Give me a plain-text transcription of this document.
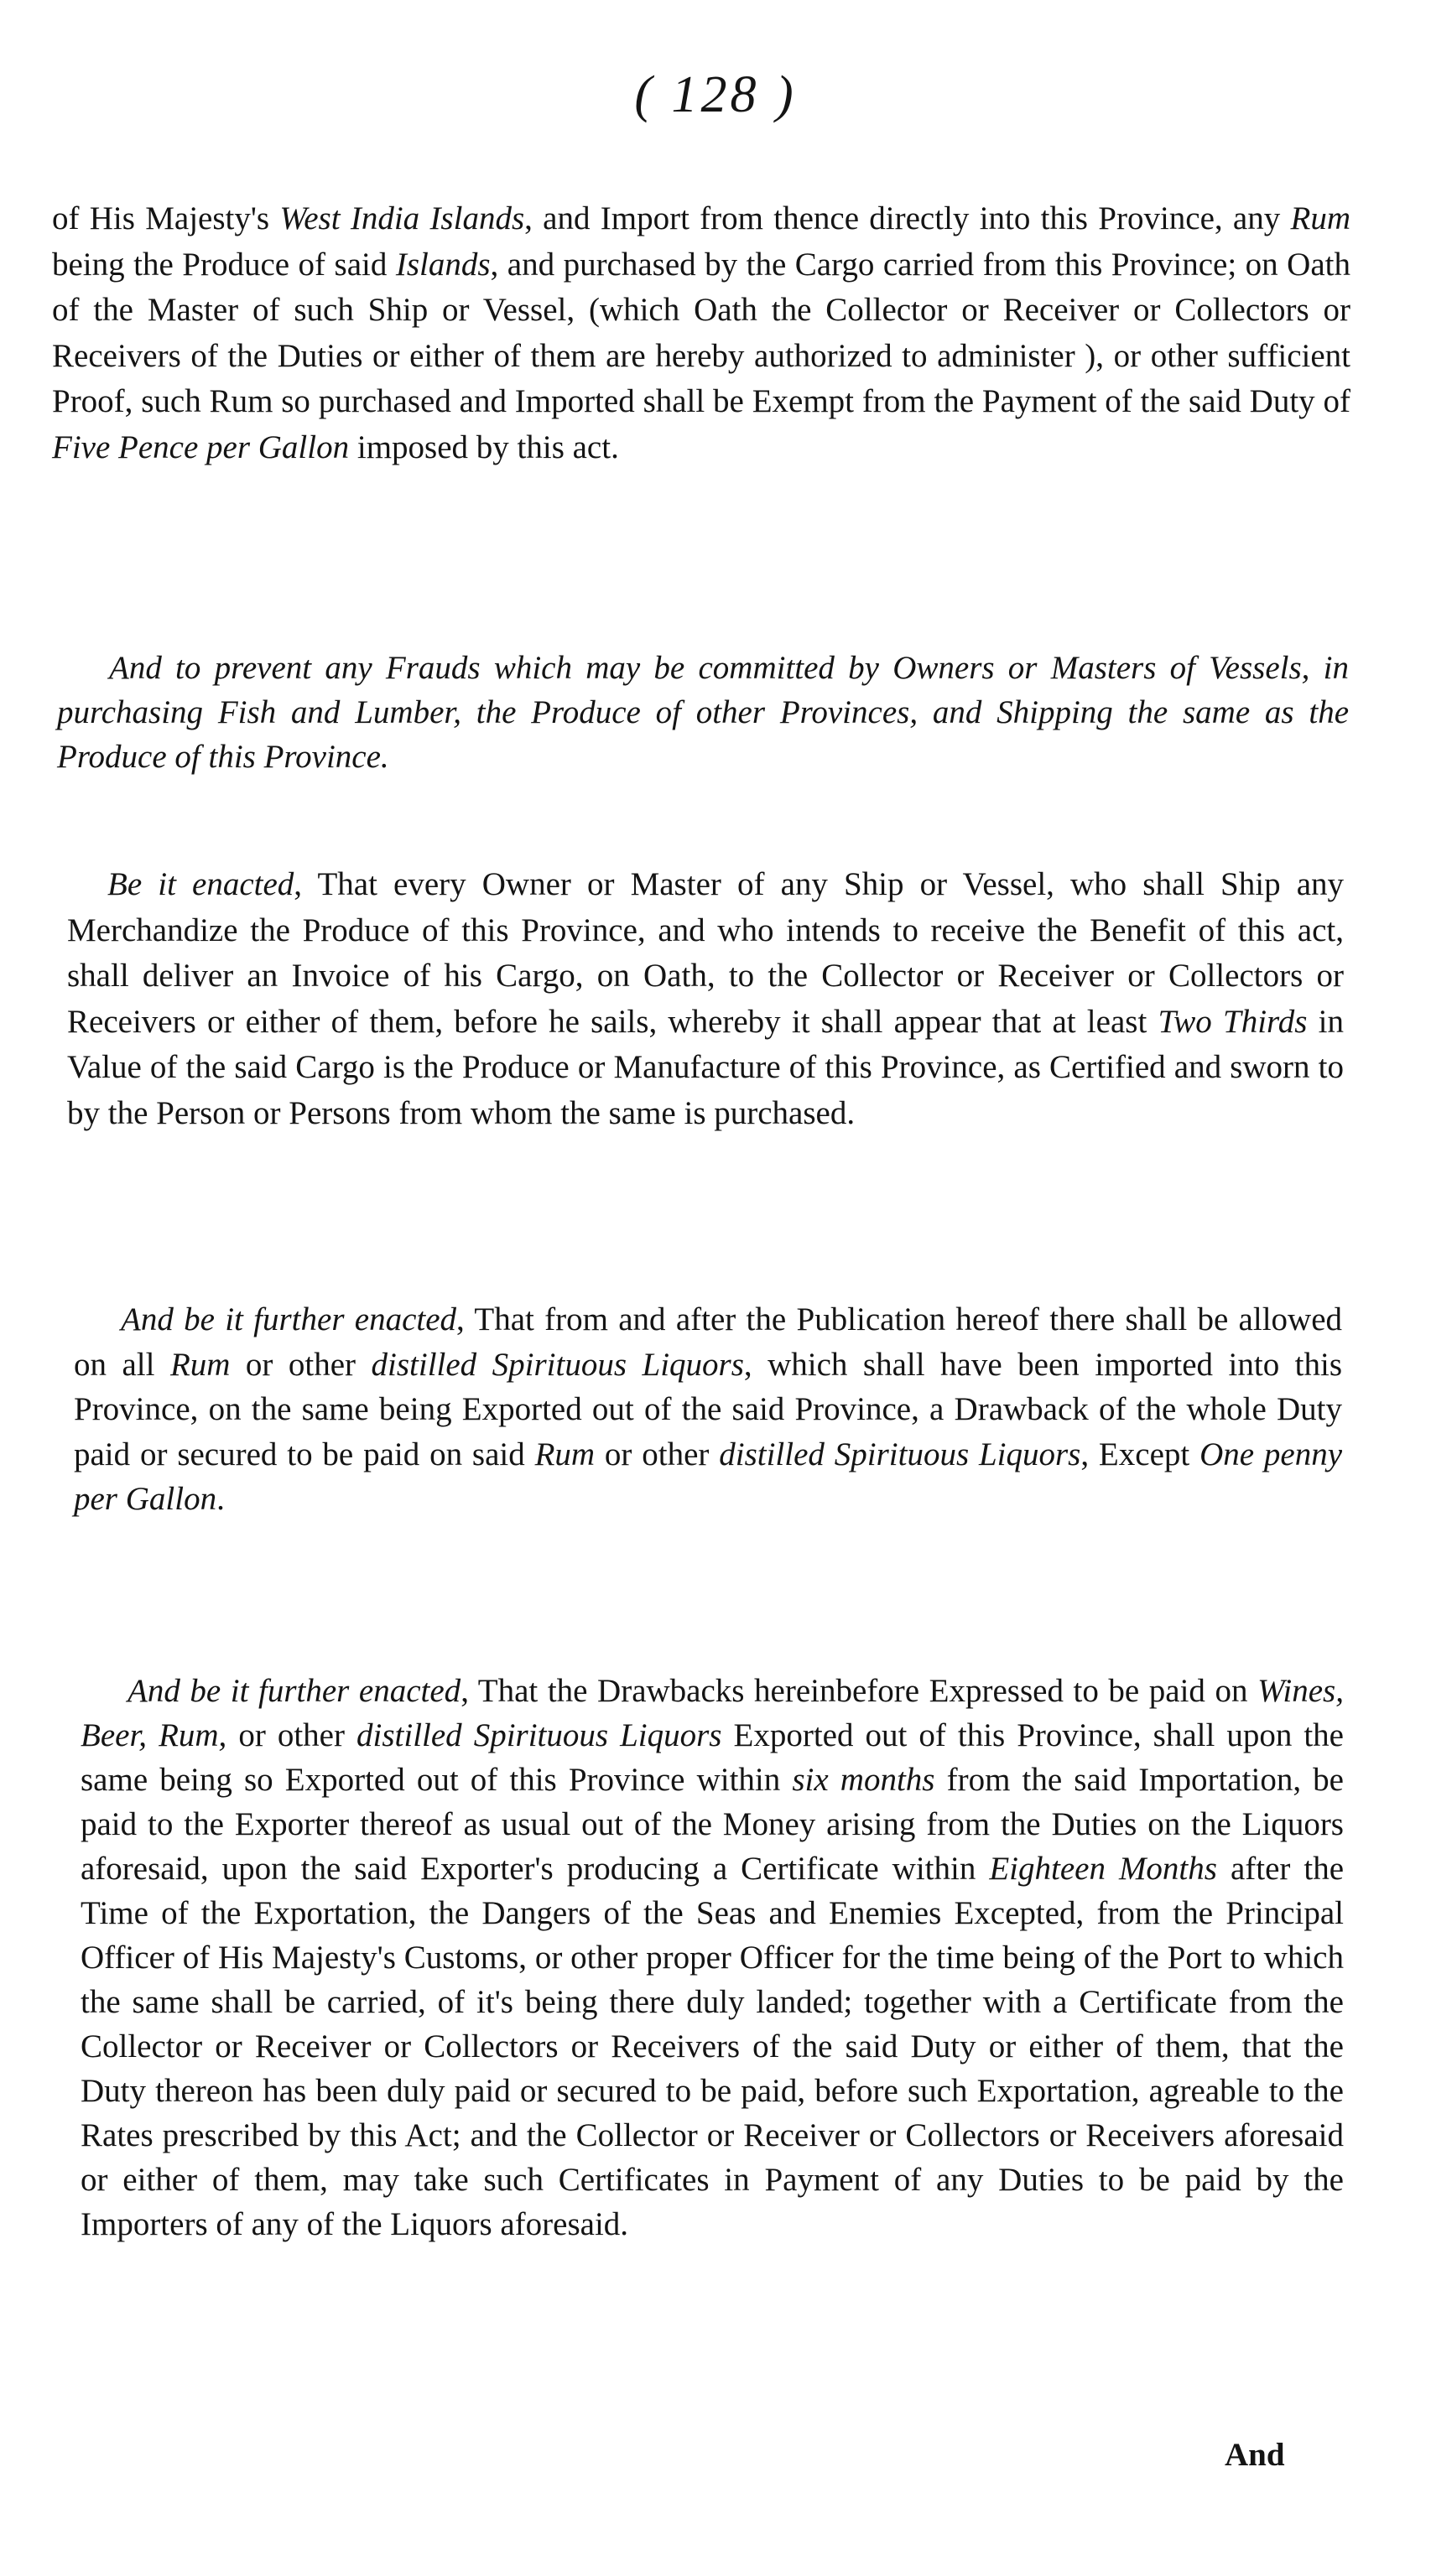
( 128 )

of His Majesty's West India Islands, and Import from thence directly into this Province, any Rum being the Produce of said Islands, and purchased by the Cargo carried from this Province; on Oath of the Master of such Ship or Vessel, (which Oath the Collector or Receiver or Collectors or Receivers of the Duties or either of them are hereby authorized to administer ), or other sufficient Proof, such Rum so purchased and Imported shall be Exempt from the Payment of the said Duty of Five Pence per Gallon imposed by this act.

And to prevent any Frauds which may be committed by Owners or Masters of Vessels, in purchasing Fish and Lumber, the Produce of other Provinces, and Shipping the same as the Produce of this Province.

Be it enacted, That every Owner or Master of any Ship or Vessel, who shall Ship any Merchandize the Produce of this Province, and who intends to receive the Benefit of this act, shall deliver an Invoice of his Cargo, on Oath, to the Collector or Receiver or Collectors or Receivers or either of them, before he sails, whereby it shall appear that at least Two Thirds in Value of the said Cargo is the Produce or Manufacture of this Province, as Certified and sworn to by the Person or Persons from whom the same is purchased.

And be it further enacted, That from and after the Publication hereof there shall be allowed on all Rum or other distilled Spirituous Liquors, which shall have been imported into this Province, on the same being Exported out of the said Province, a Drawback of the whole Duty paid or secured to be paid on said Rum or other distilled Spirituous Liquors, Except One penny per Gallon.

And be it further enacted, That the Drawbacks hereinbefore Expressed to be paid on Wines, Beer, Rum, or other distilled Spirituous Liquors Exported out of this Province, shall upon the same being so Exported out of this Province within six months from the said Importation, be paid to the Exporter thereof as usual out of the Money arising from the Duties on the Liquors aforesaid, upon the said Exporter's producing a Certificate within Eighteen Months after the Time of the Exportation, the Dangers of the Seas and Enemies Excepted, from the Principal Officer of His Majesty's Customs, or other proper Officer for the time being of the Port to which the same shall be carried, of it's being there duly landed; together with a Certificate from the Collector or Receiver or Collectors or Receivers of the said Duty or either of them, that the Duty thereon has been duly paid or secured to be paid, before such Exportation, agreable to the Rates prescribed by this Act; and the Collector or Receiver or Collectors or Receivers aforesaid or either of them, may take such Certificates in Payment of any Duties to be paid by the Importers of any of the Liquors aforesaid.

And
